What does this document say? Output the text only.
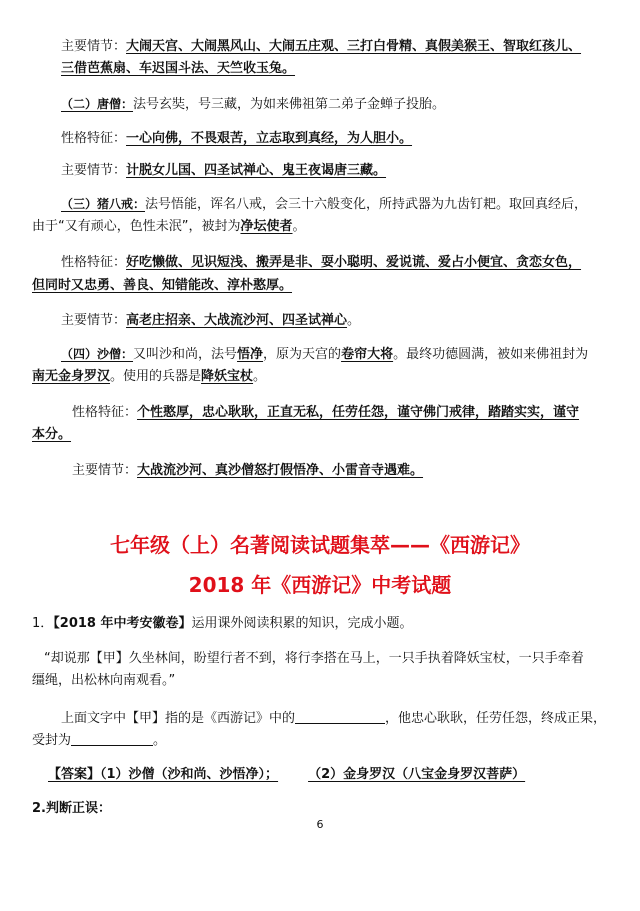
主要情节：大闹天宫、大闹黑风山、大闹五庄观、三打白骨精、真假美猴王、智取红孩儿、
三借芭蕉扇、车迟国斗法、天竺收玉兔。
（二）唐僧：法号玄奘，号三藏，为如来佛祖第二弟子金蝉子投胎。
性格特征：一心向佛，不畏艰苦，立志取到真经，为人胆小。
主要情节：计脱女儿国、四圣试禅心、鬼王夜谒唐三藏。
（三）猪八戒：法号悟能，诨名八戒，会三十六般变化，所持武器为九齿钉耙。取回真经后，
由于“又有顽心，色性未泯”，被封为净坛使者。
性格特征：好吃懒做、见识短浅、搬弄是非、耍小聪明、爱说谎、爱占小便宜、贪恋女色，
但同时又忠勇、善良、知错能改、淳朴憨厚。
主要情节：高老庄招亲、大战流沙河、四圣试禅心。
（四）沙僧：又叫沙和尚，法号悟净，原为天宫的卷帘大将。最终功德圆满，被如来佛祖封为
南无金身罗汉。使用的兵器是降妖宝杖。
性格特征：个性憨厚，忠心耿耿，正直无私，任劳任怨，谨守佛门戒律，踏踏实实，谨守
本分。
主要情节：大战流沙河、真沙僧怒打假悟净、小雷音寺遇难。
七年级（上）名著阅读试题集萃——《西游记》
2018 年《西游记》中考试题
1．【2018 年中考安徽卷】运用课外阅读积累的知识，完成小题。
“却说那【甲】久坐林间，盼望行者不到，将行李搭在马上，一只手执着降妖宝杖，一只手牵着
缰绳，出松林向南观看。”
上面文字中【甲】指的是《西游记》中的	，他忠心耿耿，任劳任怨，终成正果，
受封为	。
【答案】（1）沙僧（沙和尚、沙悟净）； （2）金身罗汉（八宝金身罗汉菩萨）
2.判断正误：
6
